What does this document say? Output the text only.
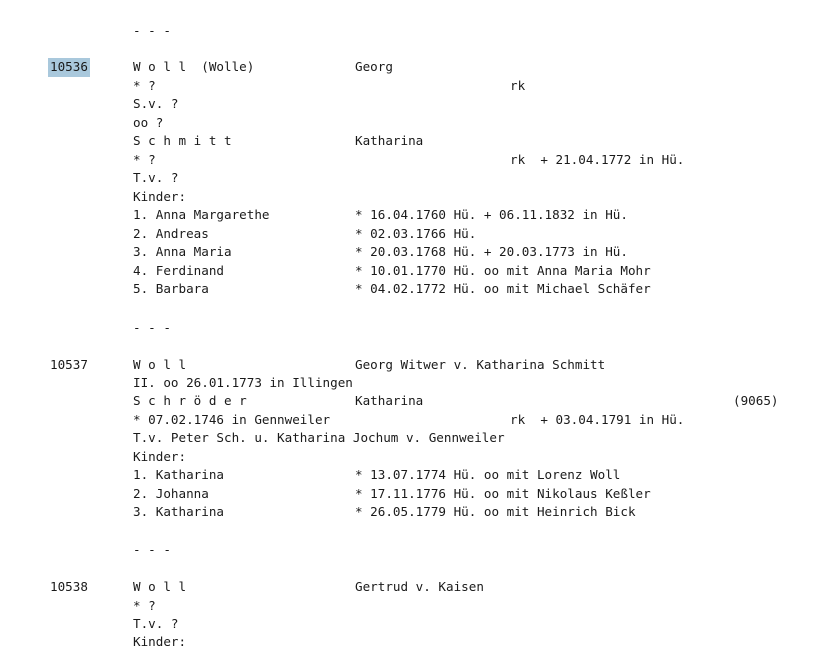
- - -
10536	W o l l  (Wolle)	Georg
* ?	rk
S.v. ?
oo ?
S c h m i t t	Katharina
* ?	rk  + 21.04.1772 in Hü.
T.v. ?
Kinder:
1. Anna Margarethe	* 16.04.1760 Hü. + 06.11.1832 in Hü.
2. Andreas	* 02.03.1766 Hü.
3. Anna Maria	* 20.03.1768 Hü. + 20.03.1773 in Hü.
4. Ferdinand	* 10.01.1770 Hü. oo mit Anna Maria Mohr
5. Barbara	* 04.02.1772 Hü. oo mit Michael Schäfer
- - -
10537	W o l l	Georg Witwer v. Katharina Schmitt
II. oo 26.01.1773 in Illingen
S c h r ö d e r	Katharina	(9065)
* 07.02.1746 in Gennweiler	rk  + 03.04.1791 in Hü.
T.v. Peter Sch. u. Katharina Jochum v. Gennweiler
Kinder:
1. Katharina	* 13.07.1774 Hü. oo mit Lorenz Woll
2. Johanna	* 17.11.1776 Hü. oo mit Nikolaus Keßler
3. Katharina	* 26.05.1779 Hü. oo mit Heinrich Bick
- - -
10538	W o l l	Gertrud v. Kaisen
* ?
T.v. ?
Kinder:
